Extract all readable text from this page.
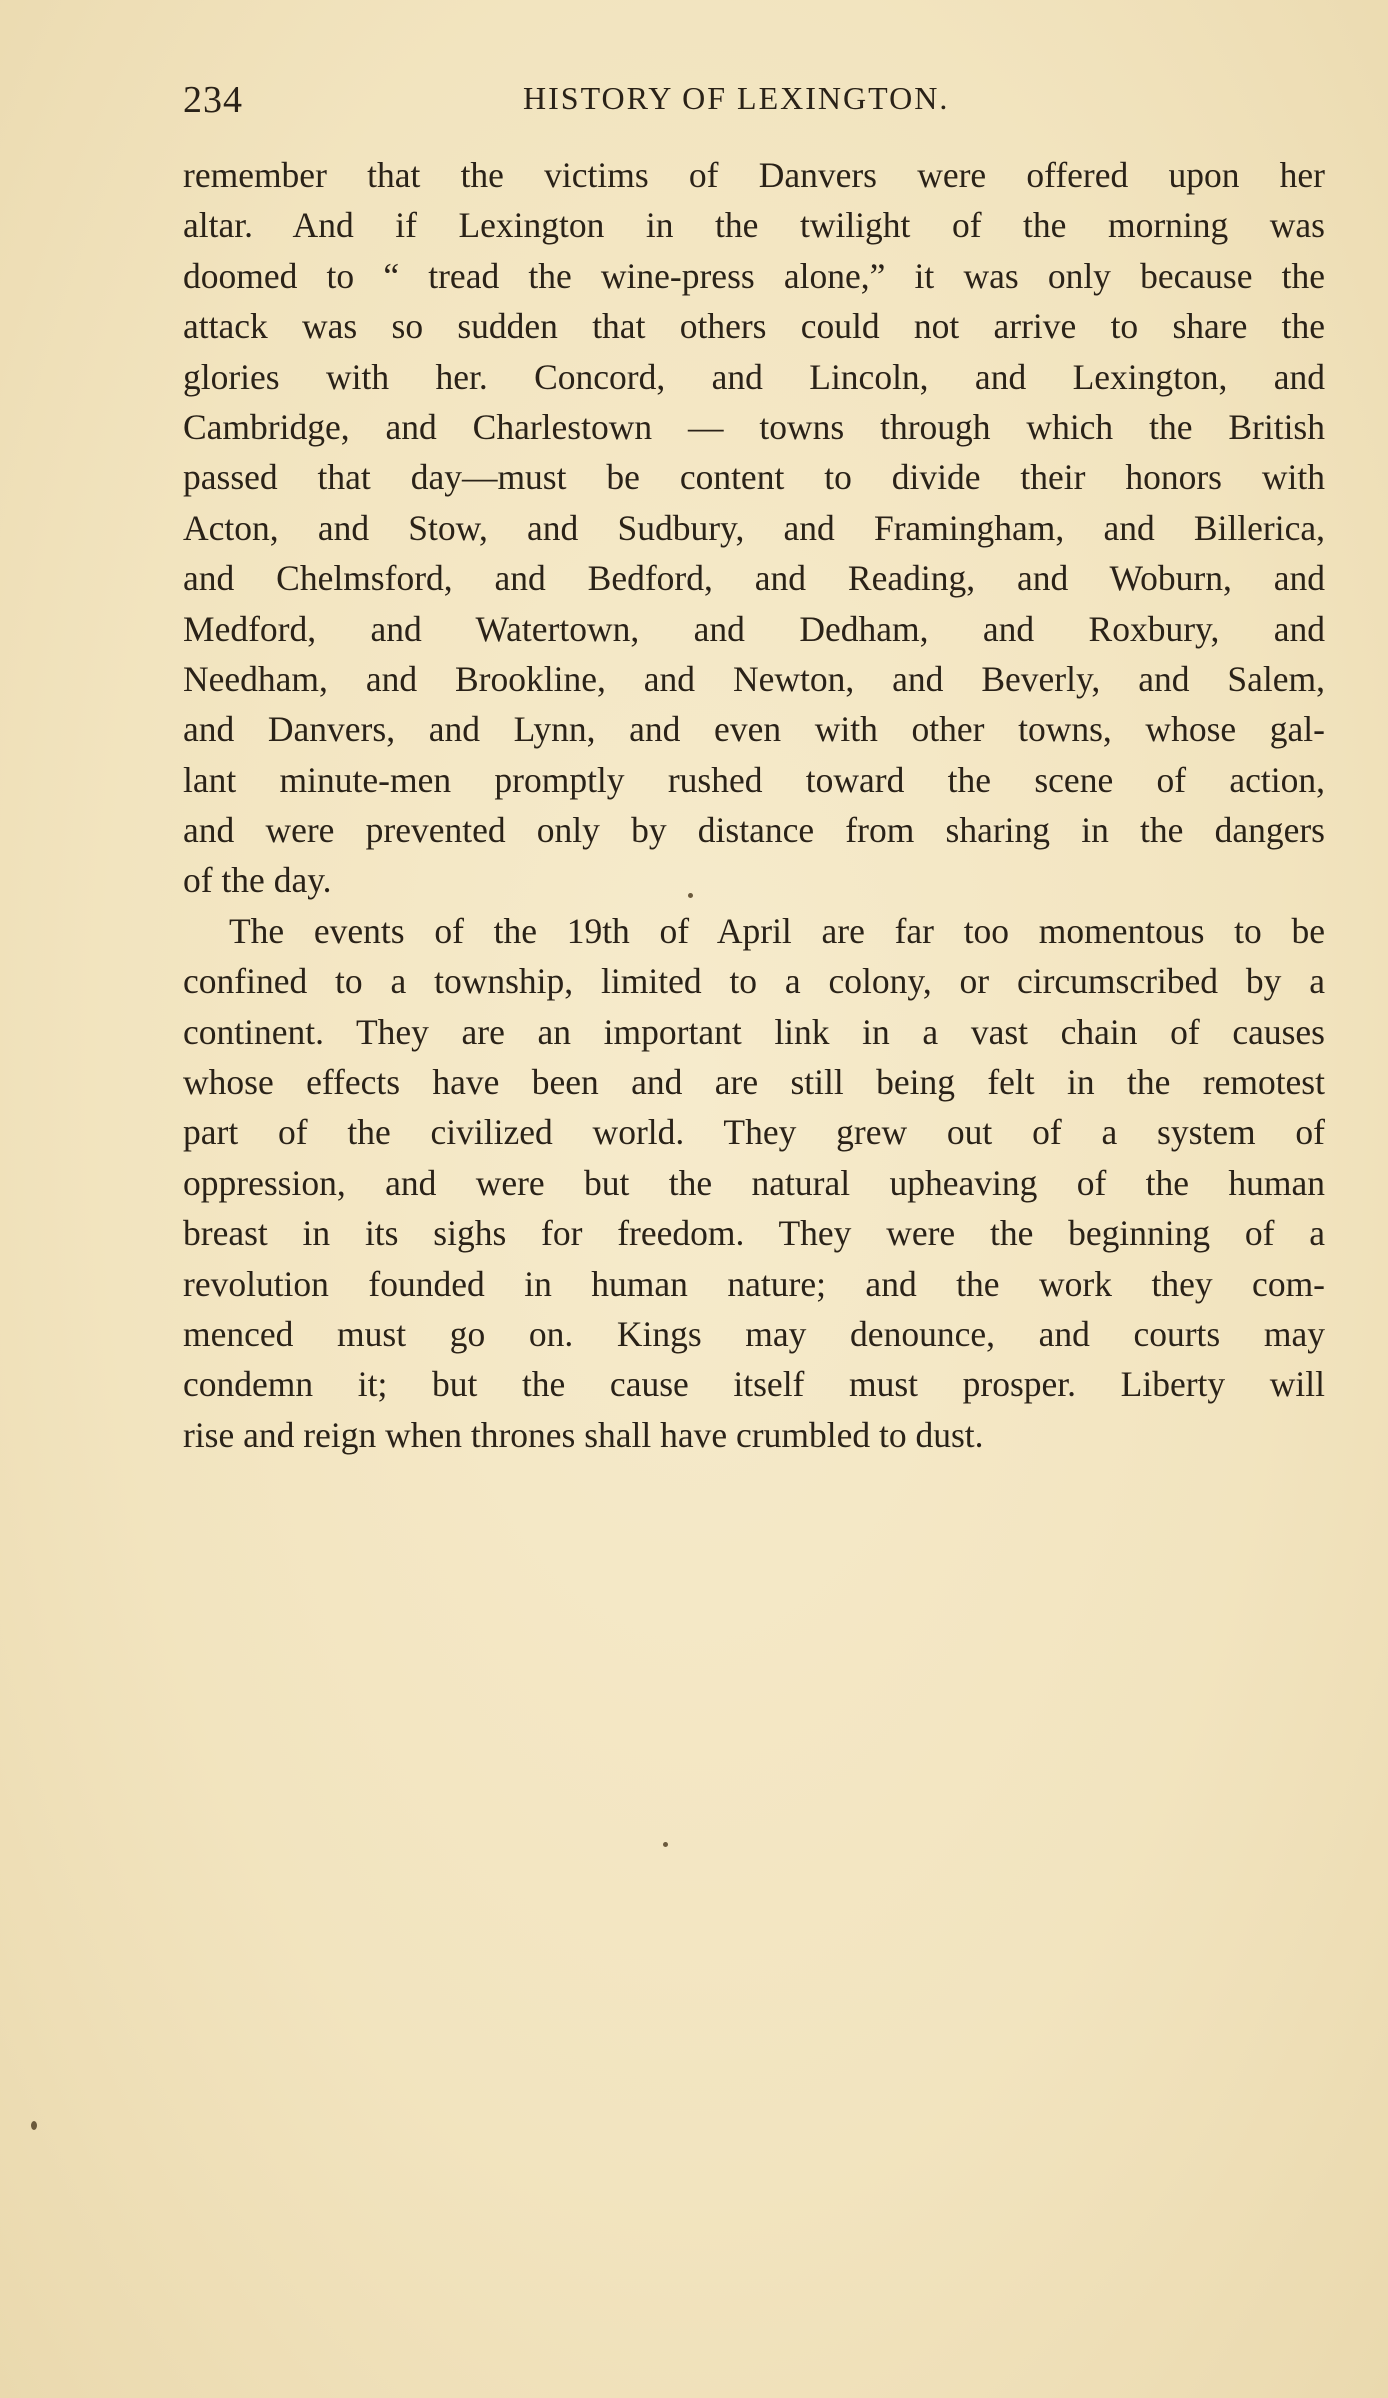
234	HISTORY OF LEXINGTON.
remember that the victims of Danvers were offered upon her
altar. And if Lexington in the twilight of the morning was
doomed to “ tread the wine-press alone,” it was only because the
attack was so sudden that others could not arrive to share the
glories with her. Concord, and Lincoln, and Lexington, and
Cambridge, and Charlestown — towns through which the British
passed that day—must be content to divide their honors with
Acton, and Stow, and Sudbury, and Framingham, and Billerica,
and Chelmsford, and Bedford, and Reading, and Woburn, and
Medford, and Watertown, and Dedham, and Roxbury, and
Needham, and Brookline, and Newton, and Beverly, and Salem,
and Danvers, and Lynn, and even with other towns, whose gal-
lant minute-men promptly rushed toward the scene of action,
and were prevented only by distance from sharing in the dangers
of the day.
The events of the 19th of April are far too momentous to be
confined to a township, limited to a colony, or circumscribed by a
continent. They are an important link in a vast chain of causes
whose effects have been and are still being felt in the remotest
part of the civilized world. They grew out of a system of
oppression, and were but the natural upheaving of the human
breast in its sighs for freedom. They were the beginning of a
revolution founded in human nature; and the work they com-
menced must go on. Kings may denounce, and courts may
condemn it; but the cause itself must prosper. Liberty will
rise and reign when thrones shall have crumbled to dust.
